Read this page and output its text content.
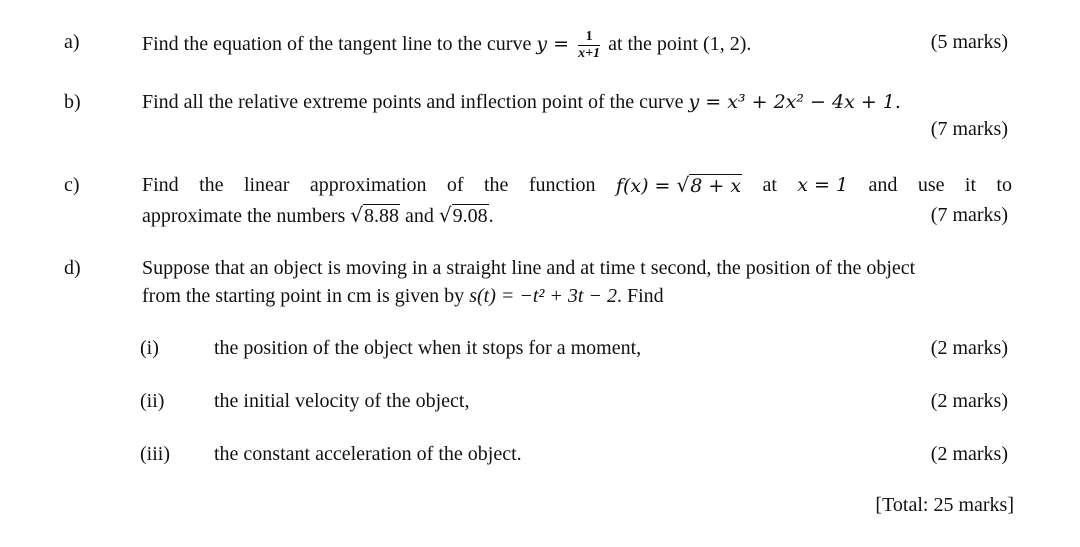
a)	Find the equation of the tangent line to the curve $y = \frac{1}{x+1}$ at the point (1, 2).	(5 marks)
b)	Find all the relative extreme points and inflection point of the curve y = x³ + 2x² − 4x + 1.
(7 marks)
c)	Find the linear approximation of the function f(x) = √8 + x at x = 1 and use it to
approximate the numbers √8.88 and √9.08.	(7 marks)
d)	Suppose that an object is moving in a straight line and at time t second, the position of the object
from the starting point in cm is given by s(t) = −t² + 3t − 2. Find
(i)	the position of the object when it stops for a moment,	(2 marks)
(ii) the initial velocity of the object,	(2 marks)
(iii) the constant acceleration of the object.	(2 marks)
[Total: 25 marks]
